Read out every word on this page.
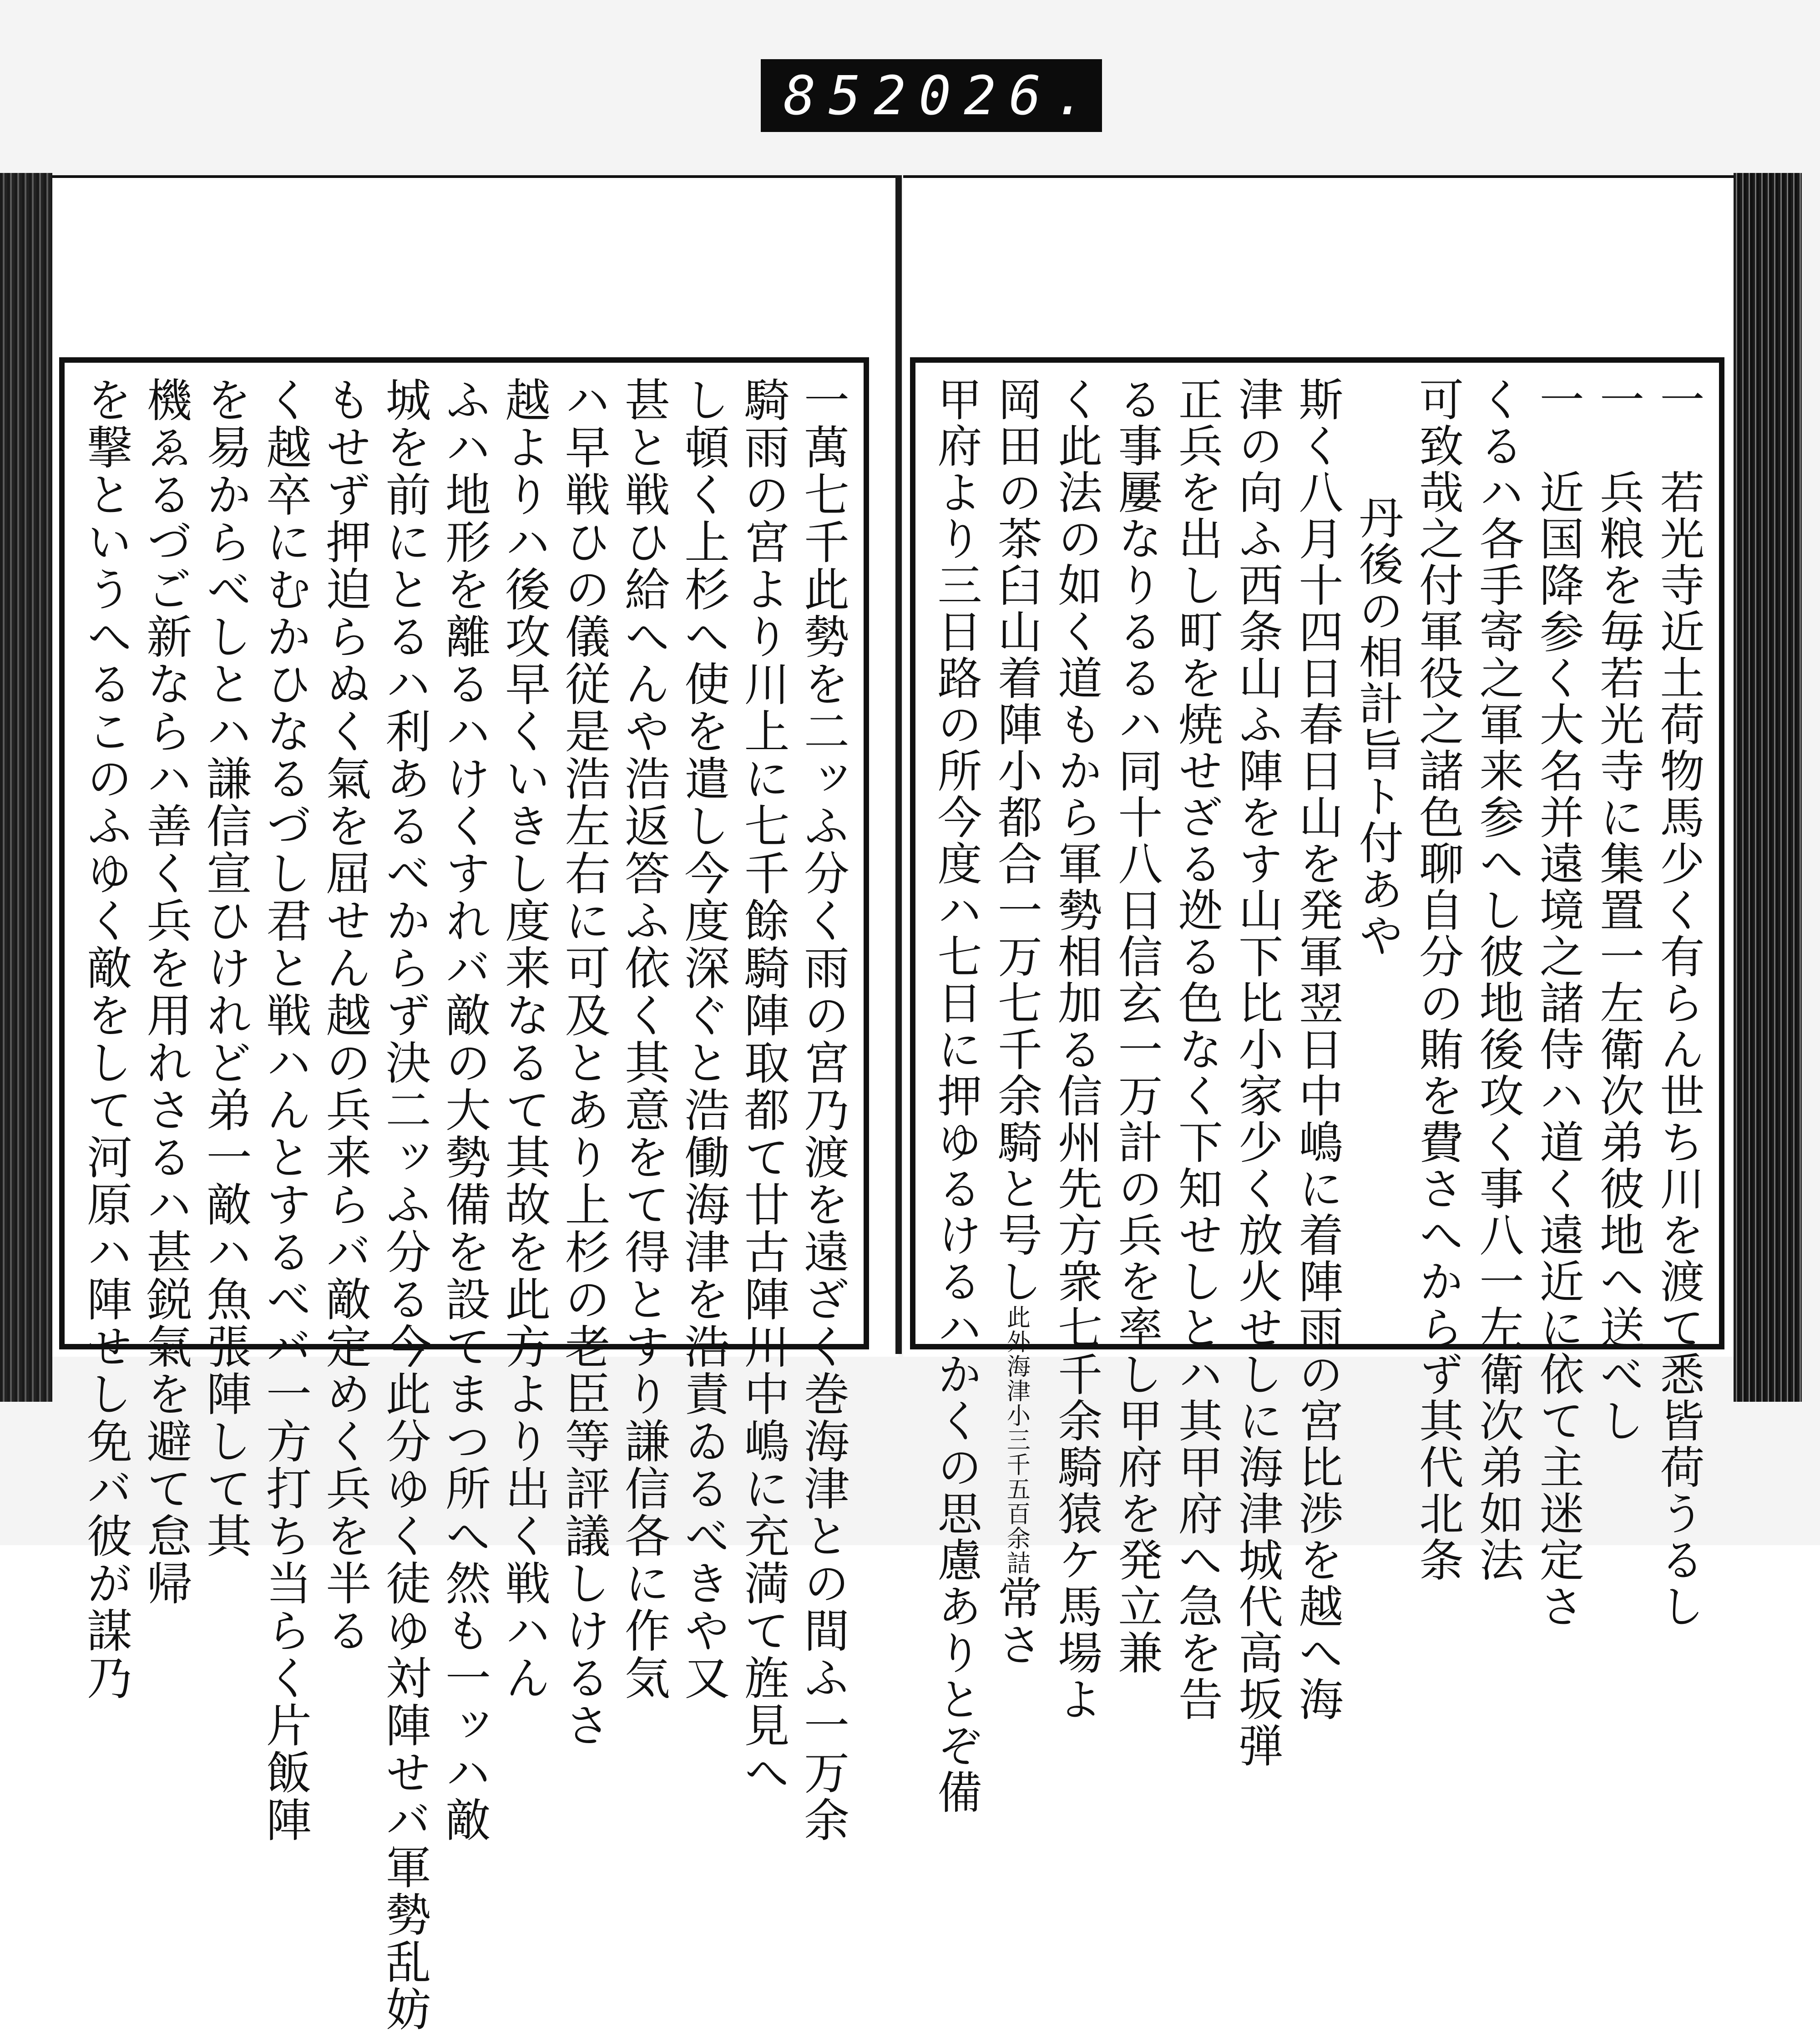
852 026.
一　若光寺近土荷物馬少く有らん世ち川を渡て悉皆荷うるし
一　兵粮を毎若光寺に集置一左衛次弟彼地へ送べし
一　近国降参く大名并遠境之諸侍ハ道く遠近に依て主迷定さ
くるハ各手寄之軍来参へし彼地後攻く事八一左衛次弟如法
可致哉之付軍役之諸色聊自分の賄を費さへからず其代北条
丹後の相計旨ト付あや
斯く八月十四日春日山を発軍翌日中嶋に着陣雨の宮比渉を越へ海
津の向ふ西条山ふ陣をす山下比小家少く放火せしに海津城代高坂弾
正兵を出し町を焼せざる迯る色なく下知せしとハ其甲府へ急を告
る事屢なりるるハ同十八日信玄一万計の兵を率し甲府を発立兼
く此法の如く道もから軍勢相加る信州先方衆七千余騎猿ケ馬場よ
岡田の茶臼山着陣小都合一万七千余騎と号し此外海津小三千五百余詰常さ
甲府より三日路の所今度ハ七日に押ゆるけるハかくの思慮ありとぞ備
一萬七千此勢を二ッふ分く雨の宮乃渡を遠ざく巻海津との間ふ一万余
騎雨の宮より川上に七千餘騎陣取都て廿古陣川中嶋に充満て旌見へ
し頓く上杉へ使を遣し今度深ぐと浩働海津を浩責ゐるべきや又
甚と戦ひ給へんや浩返答ふ依く其意をて得とすり謙信各に作気
ハ早戦ひの儀従是浩左右に可及とあり上杉の老臣等評議しけるさ
越よりハ後攻早くいきし度来なるて其故を此方より出く戦ハん
ふハ地形を離るハけくすれバ敵の大勢備を設てまつ所へ然も一ッハ敵
城を前にとるハ利あるべからず決二ッふ分る今此分ゆく徒ゆ対陣せバ軍勢乱妨
もせず押迫らぬく氣を屈せん越の兵来らバ敵定めく兵を半る
く越卒にむかひなるづし君と戦ハんとするべバ一方打ち当らく片飯陣
を易からべしとハ謙信宣ひけれど弟一敵ハ魚張陣して其
機ゑるづご新ならハ善く兵を用れさるハ甚鋭氣を避て怠帰
を撃というへるこのふゆく敵をして河原ハ陣せし免バ彼が謀乃
